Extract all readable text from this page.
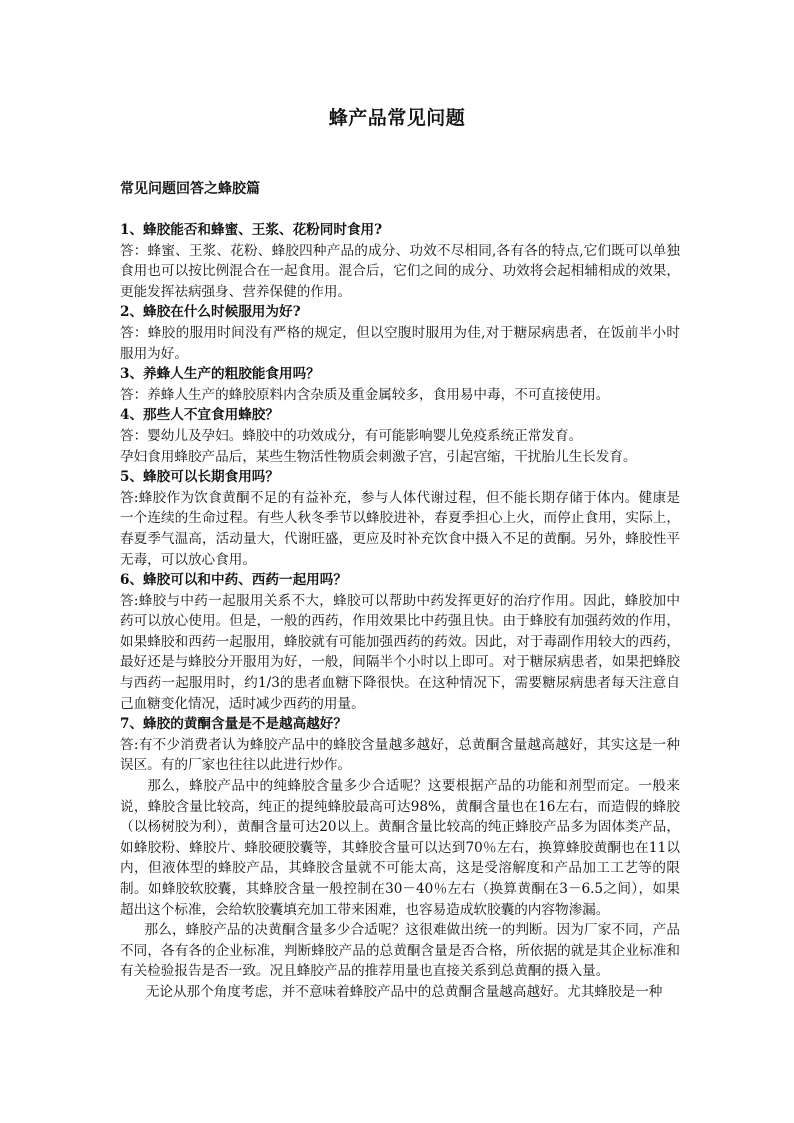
蜂产品常见问题
常见问题回答之蜂胶篇

1、蜂胶能否和蜂蜜、王浆、花粉同时食用?

答：蜂蜜、王浆、花粉、蜂胶四种产品的成分、功效不尽相同,各有各的特点,它们既可以单独食用也可以按比例混合在一起食用。混合后，它们之间的成分、功效将会起相辅相成的效果，更能发挥祛病强身、营养保健的作用。

2、蜂胶在什么时候服用为好?

答：蜂胶的服用时间没有严格的规定，但以空腹时服用为佳,对于糖尿病患者，在饭前半小时服用为好。

3、养蜂人生产的粗胶能食用吗？

答：养蜂人生产的蜂胶原料内含杂质及重金属较多，食用易中毒，不可直接使用。

4、那些人不宜食用蜂胶？

答：婴幼儿及孕妇。蜂胶中的功效成分，有可能影响婴儿免疫系统正常发育。

孕妇食用蜂胶产品后，某些生物活性物质会刺激子宫，引起宫缩，干扰胎儿生长发育。

5、蜂胶可以长期食用吗？

答:蜂胶作为饮食黄酮不足的有益补充，参与人体代谢过程，但不能长期存储于体内。健康是一个连续的生命过程。有些人秋冬季节以蜂胶进补，春夏季担心上火，而停止食用，实际上，春夏季气温高，活动量大，代谢旺盛，更应及时补充饮食中摄入不足的黄酮。另外，蜂胶性平无毒，可以放心食用。

6、蜂胶可以和中药、西药一起用吗？

答:蜂胶与中药一起服用关系不大，蜂胶可以帮助中药发挥更好的治疗作用。因此，蜂胶加中药可以放心使用。但是，一般的西药，作用效果比中药强且快。由于蜂胶有加强药效的作用，如果蜂胶和西药一起服用，蜂胶就有可能加强西药的药效。因此，对于毒副作用较大的西药，最好还是与蜂胶分开服用为好，一般，间隔半个小时以上即可。对于糖尿病患者，如果把蜂胶与西药一起服用时，约1/3的患者血糖下降很快。在这种情况下，需要糖尿病患者每天注意自己血糖变化情况，适时减少西药的用量。

7、蜂胶的黄酮含量是不是越高越好？

答:有不少消费者认为蜂胶产品中的蜂胶含量越多越好，总黄酮含量越高越好，其实这是一种误区。有的厂家也往往以此进行炒作。

那么，蜂胶产品中的纯蜂胶含量多少合适呢？这要根据产品的功能和剂型而定。一般来说，蜂胶含量比较高，纯正的提纯蜂胶最高可达98%，黄酮含量也在16左右，而造假的蜂胶（以杨树胶为利），黄酮含量可达20以上。黄酮含量比较高的纯正蜂胶产品多为固体类产品，如蜂胶粉、蜂胶片、蜂胶硬胶囊等，其蜂胶含量可以达到70％左右，换算蜂胶黄酮也在11以内，但液体型的蜂胶产品，其蜂胶含量就不可能太高，这是受溶解度和产品加工工艺等的限制。如蜂胶软胶囊，其蜂胶含量一般控制在30－40％左右（换算黄酮在3－6.5之间），如果超出这个标准，会给软胶囊填充加工带来困难，也容易造成软胶囊的内容物渗漏。

那么，蜂胶产品的决黄酮含量多少合适呢？这很难做出统一的判断。因为厂家不同，产品不同，各有各的企业标准，判断蜂胶产品的总黄酮含量是否合格，所依据的就是其企业标准和有关检验报告是否一致。况且蜂胶产品的推荐用量也直接关系到总黄酮的摄入量。

无论从那个角度考虑，并不意味着蜂胶产品中的总黄酮含量越高越好。尤其蜂胶是一种
